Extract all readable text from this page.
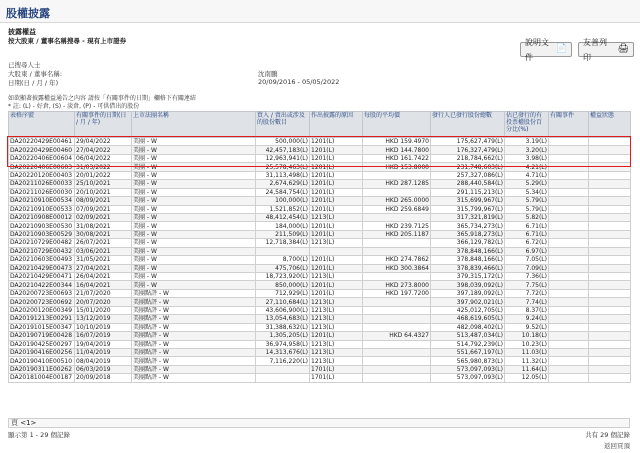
股權披露
披露權益
按大股東 / 董事名稱搜尋 - 現有上市證券	說明文件
📄
友善列印
🖨
已搜尋人士
大股東 / 董事名稱:	沈南鵬
日期(日 / 月 / 年)	20/09/2016 - 05/05/2022
如欲顯著披露權益通告之內容 請按「有關事件的日期」欄格下有關連結
* 註: (L) - 好倉, (S) - 淡倉, (P) - 可供借出的股份
表格序號	有關事件的日期(日 / 月 / 年)	上市法團名稱	買入 / 賣出或涉及的股份數目	作出披露的原因	每股的平均價	發行人已發行股份總數	佔已發行的有投票權股份百分比(%)	有關事件	權益狀態
DA20220429E00461	29/04/2022	美團 - W	500,000(L)	1201(L)	HKD 159.4970	175,627,479(L)	3.19(L)		
DA20220429E00460	27/04/2022	美團 - W	42,457,183(L)	1201(L)	HKD 144.7800	176,327,479(L)	3.20(L)		
DA20220406E00604	06/04/2022	美團 - W	12,963,941(L)	1201(L)	HKD 161.7422	218,784,662(L)	3.98(L)		
DA20220406E00603	31/03/2022	美團 - W	25,578,463(L)	1201(L)	HKD 153.8000	231,748,603(L)	4.21(L)		
DA20220120E00403	20/01/2022	美團 - W	31,113,498(L)	1201(L)		257,327,086(L)	4.71(L)		
DA20211026E00033	25/10/2021	美團 - W	2,674,629(L)	1201(L)	HKD 287.1285	288,440,584(L)	5.29(L)		
DA20211026E00030	20/10/2021	美團 - W	24,584,754(L)	1201(L)		291,115,213(L)	5.34(L)		
DA20210910E00534	08/09/2021	美團 - W	100,000(L)	1201(L)	HKD 265.0000	315,699,967(L)	5.79(L)		
DA20210910E00533	07/09/2021	美團 - W	1,521,852(L)	1201(L)	HKD 259.6849	315,799,967(L)	5.79(L)		
DA20210908E00012	02/09/2021	美團 - W	48,412,454(L)	1213(L)		317,321,819(L)	5.82(L)		
DA20210903E00530	31/08/2021	美團 - W	184,000(L)	1201(L)	HKD 239.7125	365,734,273(L)	6.71(L)		
DA20210903E00529	30/08/2021	美團 - W	211,509(L)	1201(L)	HKD 205.1187	365,918,273(L)	6.71(L)		
DA20210729E00482	26/07/2021	美團 - W	12,718,384(L)	1213(L)		366,129,782(L)	6.72(L)		
DA20210729E00432	03/06/2021	美團 - W				378,848,166(L)	6.97(L)		
DA20210603E00493	31/05/2021	美團 - W	8,700(L)	1201(L)	HKD 274.7862	378,848,166(L)	7.05(L)		
DA20210429E00473	27/04/2021	美團 - W	475,706(L)	1201(L)	HKD 300.3864	378,839,466(L)	7.09(L)		
DA20210429E00471	26/04/2021	美團 - W	18,723,920(L)	1213(L)		379,315,172(L)	7.36(L)		
DA20210422E00344	16/04/2021	美團 - W	850,000(L)	1201(L)	HKD 273.8000	398,039,092(L)	7.75(L)		
DA20200723E00693	21/07/2020	美團點評 - W	712,929(L)	1201(L)	HKD 197.7200	397,189,092(L)	7.72(L)		
DA20200723E00692	20/07/2020	美團點評 - W	27,110,684(L)	1213(L)		397,902,021(L)	7.74(L)		
DA20200120E00349	15/01/2020	美團點評 - W	43,606,900(L)	1213(L)		425,012,705(L)	8.37(L)		
DA20191213E00291	13/12/2019	美團點評 - W	13,054,683(L)	1213(L)		468,619,605(L)	9.24(L)		
DA20191015E00347	10/10/2019	美團點評 - W	31,388,632(L)	1213(L)		482,098,402(L)	9.52(L)		
DA20190719E00428	16/07/2019	美團點評 - W	1,305,205(L)	1201(L)	HKD 64.4327	513,487,034(L)	10.18(L)		
DA20190425E00297	19/04/2019	美團點評 - W	36,974,958(L)	1213(L)		514,792,239(L)	10.23(L)		
DA20190416E00256	11/04/2019	美團點評 - W	14,313,676(L)	1213(L)		551,667,197(L)	11.03(L)		
DA20190410E00510	08/04/2019	美團點評 - W	7,116,220(L)	1213(L)		565,980,873(L)	11.32(L)		
DA20190311E00262	06/03/2019	美團點評 - W		1701(L)		573,097,093(L)	11.64(L)		
DA20181004E00187	20/09/2018	美團點評 - W		1701(L)		573,097,093(L)	12.05(L)		
頁 <1>
顯示第 1 - 29 個記錄	共有 29 個記錄
返回頁頂
